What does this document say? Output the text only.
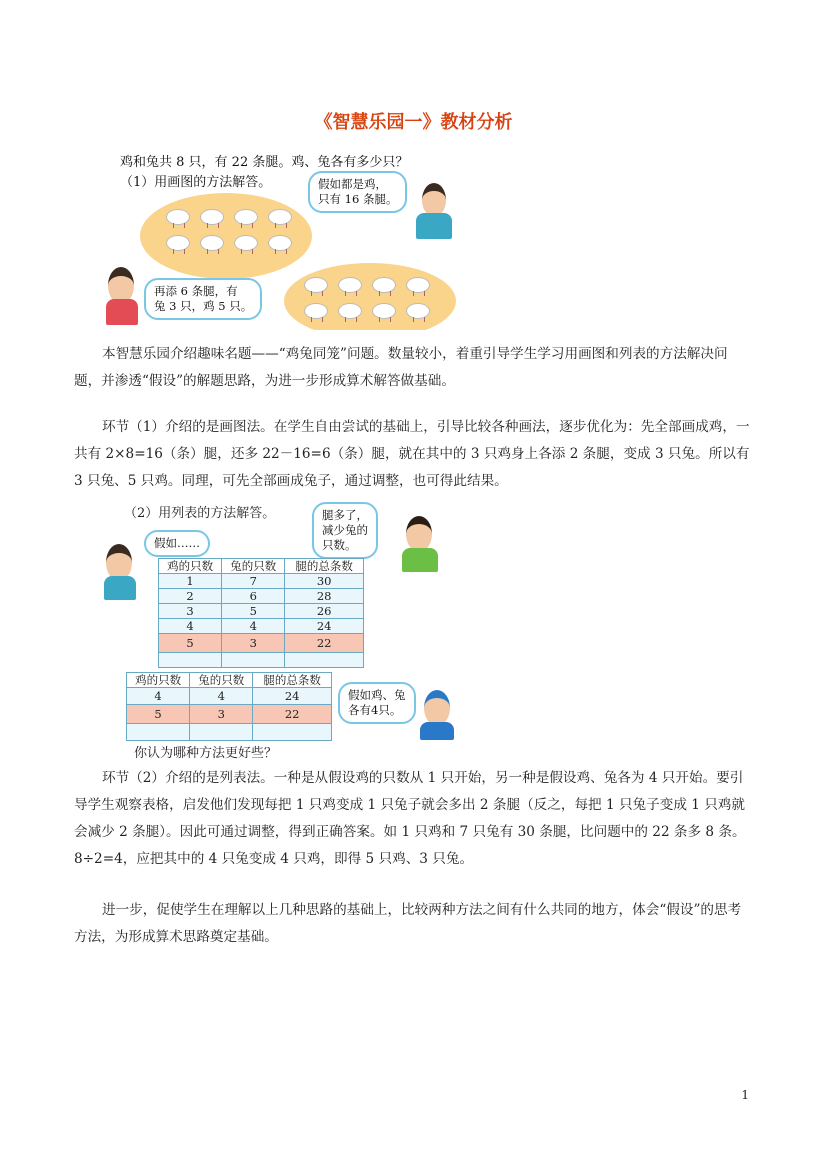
《智慧乐园一》教材分析
鸡和兔共 8 只，有 22 条腿。鸡、兔各有多少只？
（1）用画图的方法解答。	假如都是鸡，
只有 16 条腿。
再添 6 条腿，有
兔 3 只，鸡 5 只。

本智慧乐园介绍趣味名题——“鸡兔同笼”问题。数量较小，着重引导学生学习用画图和列表的方法解决问题，并渗透“假设”的解题思路，为进一步形成算术解答做基础。

环节（1）介绍的是画图法。在学生自由尝试的基础上，引导比较各种画法，逐步优化为：先全部画成鸡，一共有 2×8=16（条）腿，还多 22－16=6（条）腿，就在其中的 3 只鸡身上各添 2 条腿，变成 3 只兔。所以有 3 只兔、5 只鸡。同理，可先全部画成兔子，通过调整，也可得此结果。

（2）用列表的方法解答。
假如……
腿多了，
减少兔的
只数。
鸡的只数	兔的只数	腿的总条数
1	7	30
2	6	28
3	5	26
4	4	24
5	3	22

鸡的只数	兔的只数	腿的总条数
4	4	24
5	3	22

假如鸡、兔
各有4只。
你认为哪种方法更好些？

环节（2）介绍的是列表法。一种是从假设鸡的只数从 1 只开始，另一种是假设鸡、兔各为 4 只开始。要引导学生观察表格，启发他们发现每把 1 只鸡变成 1 只兔子就会多出 2 条腿（反之，每把 1 只兔子变成 1 只鸡就会减少 2 条腿）。因此可通过调整，得到正确答案。如 1 只鸡和 7 只兔有 30 条腿，比问题中的 22 条多 8 条。8÷2=4，应把其中的 4 只兔变成 4 只鸡，即得 5 只鸡、3 只兔。

进一步，促使学生在理解以上几种思路的基础上，比较两种方法之间有什么共同的地方，体会“假设”的思考方法，为形成算术思路奠定基础。

1
